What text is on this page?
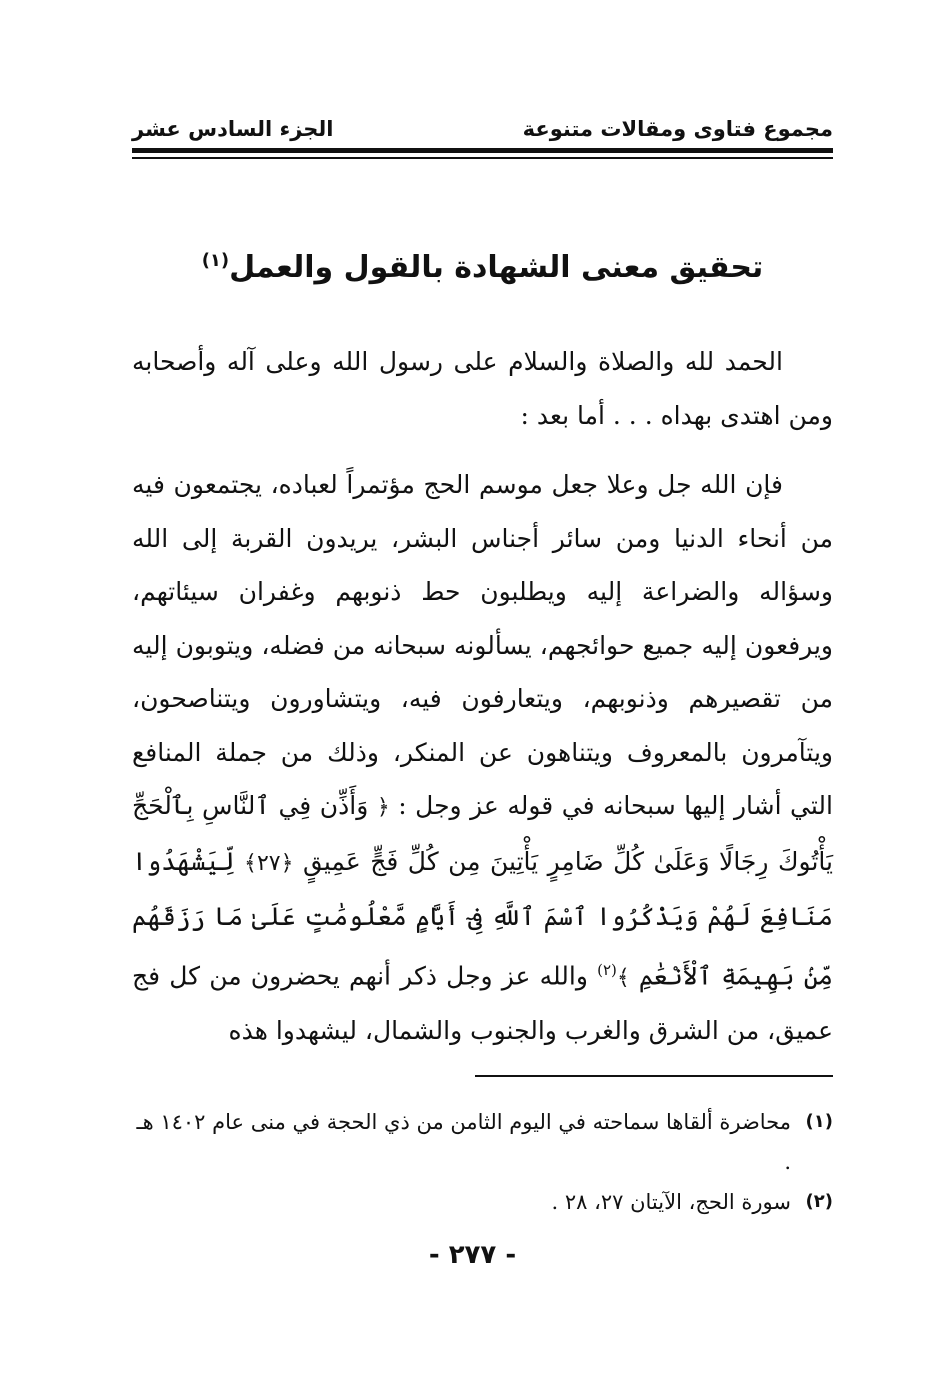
مجموع فتاوى ومقالات متنوعة
الجزء السادس عشر
تحقيق معنى الشهادة بالقول والعمل$^{(١)}$

الحمد لله والصلاة والسلام على رسول الله وعلى آله وأصحابه ومن اهتدى بهداه . . . أما بعد :

فإن الله جل وعلا جعل موسم الحج مؤتمراً لعباده، يجتمعون فيه من أنحاء الدنيا ومن سائر أجناس البشر، يريدون القربة إلى الله وسؤاله والضراعة إليه ويطلبون حط ذنوبهم وغفران سيئاتهم، ويرفعون إليه جميع حوائجهم، يسألونه سبحانه من فضله، ويتوبون إليه من تقصيرهم وذنوبهم، ويتعارفون فيه، ويتشاورون ويتناصحون، ويتآمرون بالمعروف ويتناهون عن المنكر، وذلك من جملة المنافع التي أشار إليها سبحانه في قوله عز وجل : ﴿ وَأَذِّن فِي ٱلنَّاسِ بِٱلْحَجِّ يَأْتُوكَ رِجَالًا وَعَلَىٰ كُلِّ ضَامِرٍ يَأْتِينَ مِن كُلِّ فَجٍّ عَمِيقٍ ﴿٢٧﴾ لِّيَشْهَدُوا مَنَافِعَ لَهُمْ وَيَذْكُرُوا ٱسْمَ ٱللَّهِ فِىٓ أَيَّامٍ مَّعْلُومَٰتٍ عَلَىٰ مَا رَزَقَهُم مِّنۢ بَهِيمَةِ ٱلْأَنْعَٰمِ ﴾$^{(٢)}$ والله عز وجل ذكر أنهم يحضرون من كل فج عميق، من الشرق والغرب والجنوب والشمال، ليشهدوا هذه

(١)
محاضرة ألقاها سماحته في اليوم الثامن من ذي الحجة في منى عام ١٤٠٢ هـ .
(٢)
سورة الحج، الآيتان ٢٧، ٢٨ .
- ٢٧٧ -
